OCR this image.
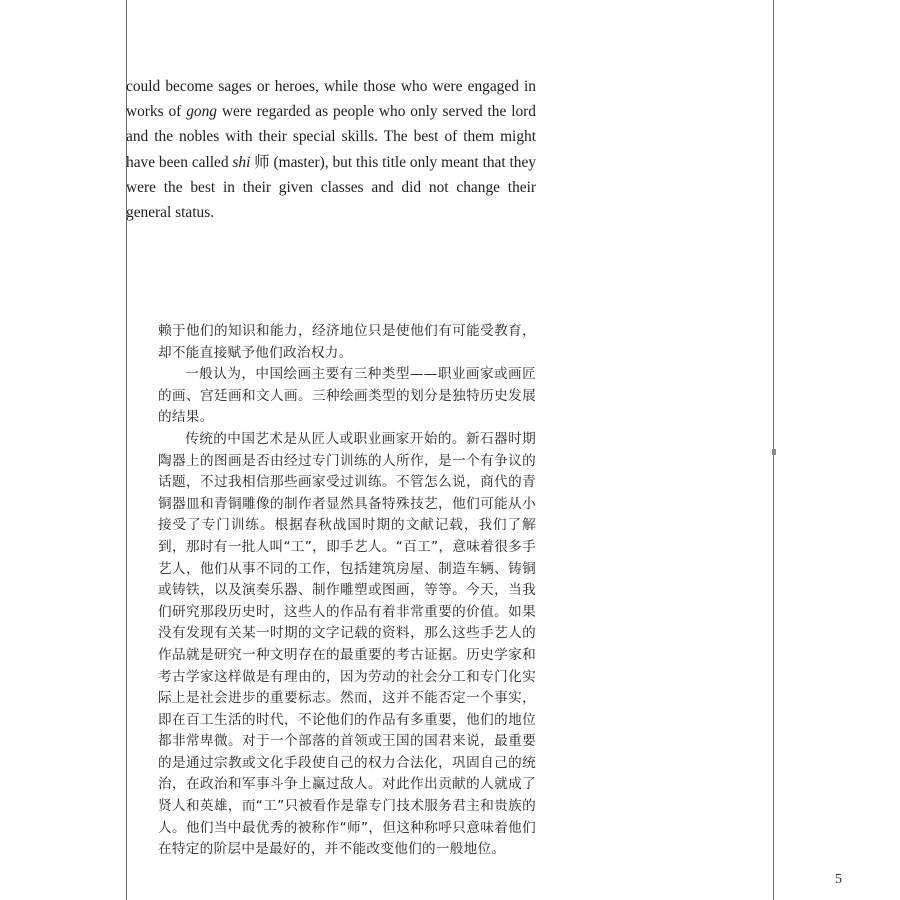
could become sages or heroes, while those who were engaged in works of gong were regarded as people who only served the lord and the nobles with their special skills. The best of them might have been called shi 师 (master), but this title only meant that they were the best in their given classes and did not change their general status.

赖于他们的知识和能力，经济地位只是使他们有可能受教育，却不能直接赋予他们政治权力。

一般认为，中国绘画主要有三种类型——职业画家或画匠的画、宫廷画和文人画。三种绘画类型的划分是独特历史发展的结果。

传统的中国艺术是从匠人或职业画家开始的。新石器时期陶器上的图画是否由经过专门训练的人所作，是一个有争议的话题，不过我相信那些画家受过训练。不管怎么说，商代的青铜器皿和青铜雕像的制作者显然具备特殊技艺，他们可能从小接受了专门训练。根据春秋战国时期的文献记载，我们了解到，那时有一批人叫“工”，即手艺人。“百工”，意味着很多手艺人，他们从事不同的工作，包括建筑房屋、制造车辆、铸铜或铸铁，以及演奏乐器、制作雕塑或图画，等等。今天，当我们研究那段历史时，这些人的作品有着非常重要的价值。如果没有发现有关某一时期的文字记载的资料，那么这些手艺人的作品就是研究一种文明存在的最重要的考古证据。历史学家和考古学家这样做是有理由的，因为劳动的社会分工和专门化实际上是社会进步的重要标志。然而，这并不能否定一个事实，即在百工生活的时代，不论他们的作品有多重要，他们的地位都非常卑微。对于一个部落的首领或王国的国君来说，最重要的是通过宗教或文化手段使自己的权力合法化，巩固自己的统治，在政治和军事斗争上赢过敌人。对此作出贡献的人就成了贤人和英雄，而“工”只被看作是靠专门技术服务君主和贵族的人。他们当中最优秀的被称作“师”，但这种称呼只意味着他们在特定的阶层中是最好的，并不能改变他们的一般地位。

5
